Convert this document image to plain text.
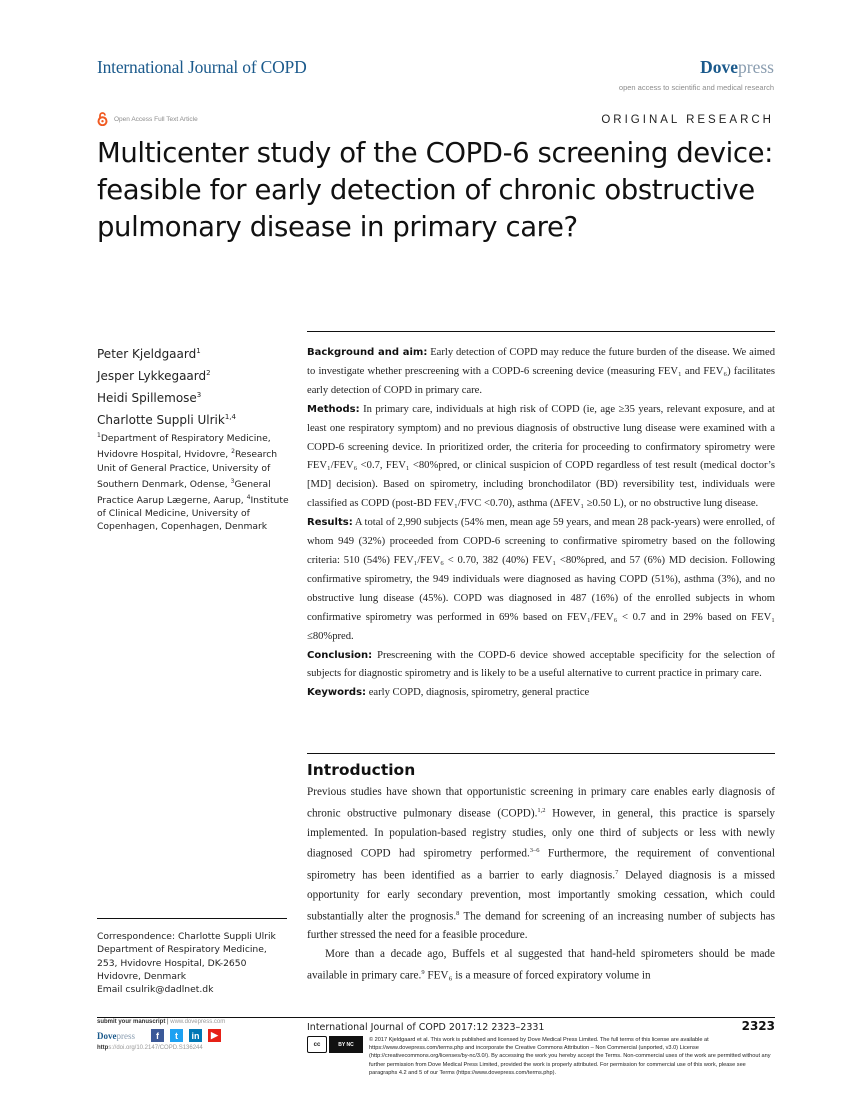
International Journal of COPD	Dovepress
open access to scientific and medical research
Open Access Full Text Article	ORIGINAL RESEARCH
Multicenter study of the COPD-6 screening device: feasible for early detection of chronic obstructive pulmonary disease in primary care?
Peter Kjeldgaard$^1$
Jesper Lykkegaard$^2$
Heidi Spillemose$^3$
Charlotte Suppli Ulrik$^{1,4}$
$^1$Department of Respiratory Medicine, Hvidovre Hospital, Hvidovre, $^2$Research Unit of General Practice, University of Southern Denmark, Odense, $^3$General Practice Aarup Lægerne, Aarup, $^4$Institute of Clinical Medicine, University of Copenhagen, Copenhagen, Denmark

Background and aim: Early detection of COPD may reduce the future burden of the disease. We aimed to investigate whether prescreening with a COPD-6 screening device (measuring FEV₁ and FEV₆) facilitates early detection of COPD in primary care.

Methods: In primary care, individuals at high risk of COPD (ie, age ≥35 years, relevant exposure, and at least one respiratory symptom) and no previous diagnosis of obstructive lung disease were examined with a COPD-6 screening device. In prioritized order, the criteria for proceeding to confirmatory spirometry were FEV₁/FEV₆ <0.7, FEV₁ <80%pred, or clinical suspicion of COPD regardless of test result (medical doctor’s [MD] decision). Based on spirometry, including bronchodilator (BD) reversibility test, individuals were classified as COPD (post-BD FEV₁/FVC <0.70), asthma (ΔFEV₁ ≥0.50 L), or no obstructive lung disease.

Results: A total of 2,990 subjects (54% men, mean age 59 years, and mean 28 pack-years) were enrolled, of whom 949 (32%) proceeded from COPD-6 screening to confirmative spirometry based on the following criteria: 510 (54%) FEV₁/FEV₆ < 0.70, 382 (40%) FEV₁ <80%pred, and 57 (6%) MD decision. Following confirmative spirometry, the 949 individuals were diagnosed as having COPD (51%), asthma (3%), and no obstructive lung disease (45%). COPD was diagnosed in 487 (16%) of the enrolled subjects in whom confirmative spirometry was performed in 69% based on FEV₁/FEV₆ < 0.7 and in 29% based on FEV₁ ≤80%pred.

Conclusion: Prescreening with the COPD-6 device showed acceptable specificity for the selection of subjects for diagnostic spirometry and is likely to be a useful alternative to current practice in primary care.

Keywords: early COPD, diagnosis, spirometry, general practice

Introduction

Previous studies have shown that opportunistic screening in primary care enables early diagnosis of chronic obstructive pulmonary disease (COPD).$^{1,2}$ However, in general, this practice is sparsely implemented. In population-based registry studies, only one third of subjects or less with newly diagnosed COPD had spirometry performed.$^{3-6}$ Furthermore, the requirement of conventional spirometry has been identified as a barrier to early diagnosis.$^7$ Delayed diagnosis is a missed opportunity for early secondary prevention, most importantly smoking cessation, which could substantially alter the prognosis.$^8$ The demand for screening of an increasing number of subjects has further stressed the need for a feasible procedure.

More than a decade ago, Buffels et al suggested that hand-held spirometers should be made available in primary care.$^9$ FEV₆ is a measure of forced expiratory volume in

Correspondence: Charlotte Suppli Ulrik
Department of Respiratory Medicine,
253, Hvidovre Hospital, DK-2650
Hvidovre, Denmark
Email csulrik@dadlnet.dk
submit your manuscript | www.dovepress.com
Dovepress	f	t	in	▶
https://doi.org/10.2147/COPD.S136244
International Journal of COPD 2017:12 2323–2331	2323
cc	BY NC
© 2017 Kjeldgaard et al. This work is published and licensed by Dove Medical Press Limited. The full terms of this license are available at https://www.dovepress.com/terms.php and incorporate the Creative Commons Attribution – Non Commercial (unported, v3.0) License (http://creativecommons.org/licenses/by-nc/3.0/). By accessing the work you hereby accept the Terms. Non-commercial uses of the work are permitted without any further permission from Dove Medical Press Limited, provided the work is properly attributed. For permission for commercial use of this work, please see paragraphs 4.2 and 5 of our Terms (https://www.dovepress.com/terms.php).
